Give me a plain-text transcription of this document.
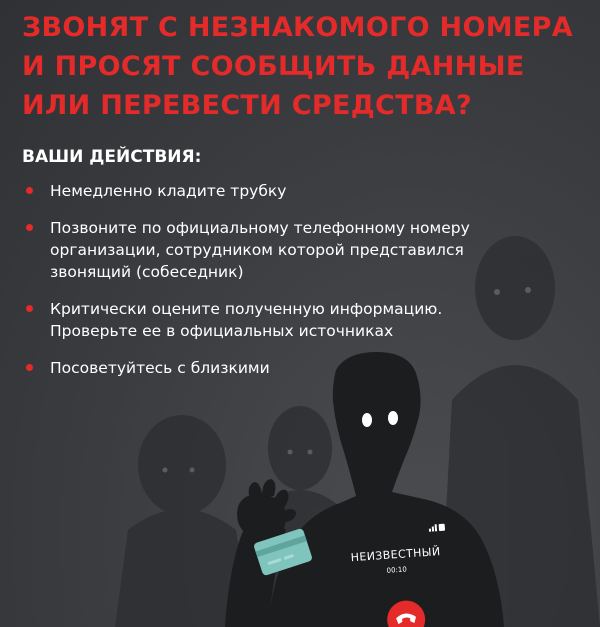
НЕИЗВЕСТНЫЙ
00:10
ЗВОНЯТ С НЕЗНАКОМОГО НОМЕРА
И ПРОСЯТ СООБЩИТЬ ДАННЫЕ
ИЛИ ПЕРЕВЕСТИ СРЕДСТВА?
ВАШИ ДЕЙСТВИЯ:
Немедленно кладите трубку
Позвоните по официальному телефонному номеру
организации, сотрудником которой представился
звонящий (собеседник)
Критически оцените полученную информацию.
Проверьте ее в официальных источниках
Посоветуйтесь с близкими
